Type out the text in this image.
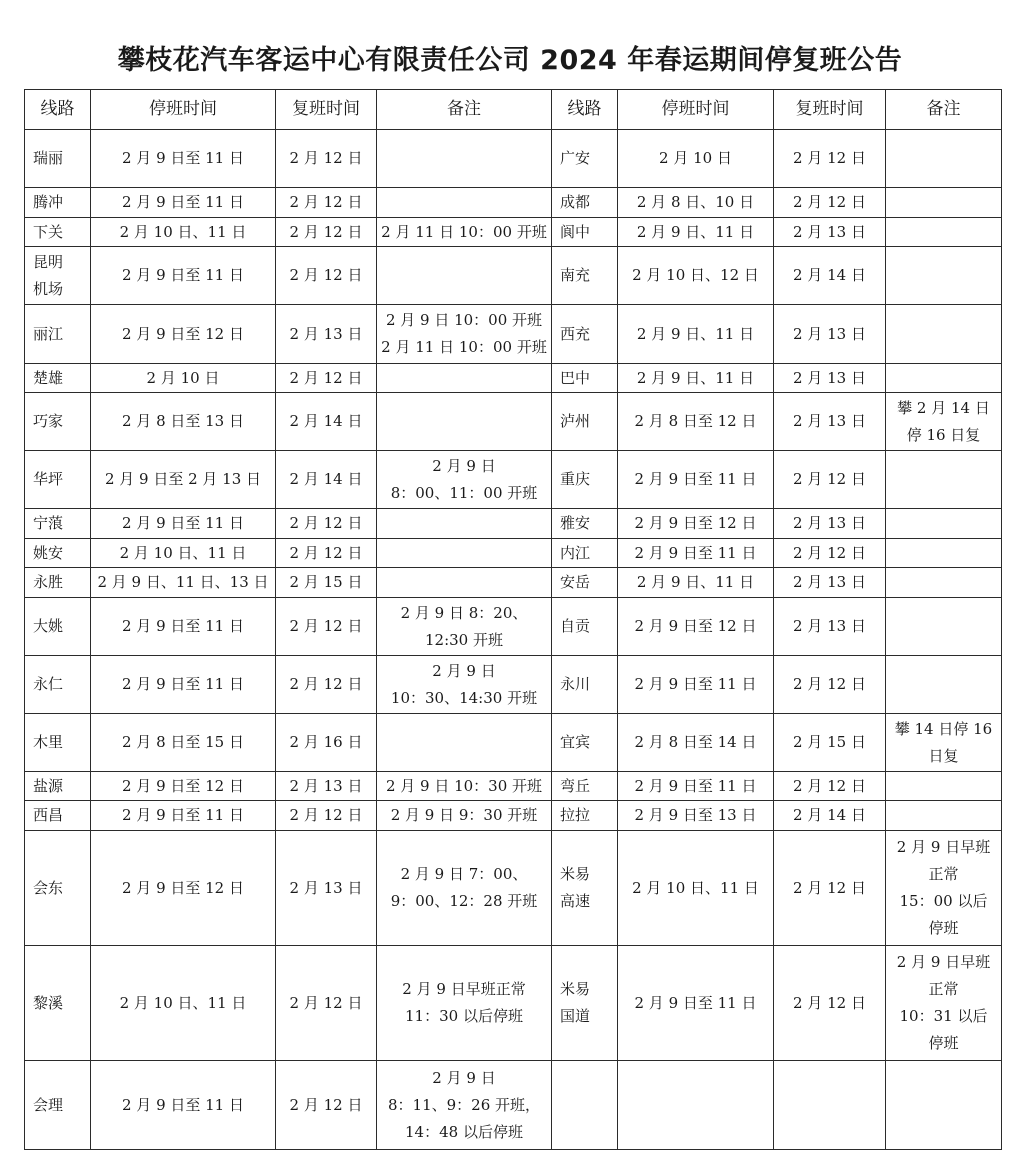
攀枝花汽车客运中心有限责任公司 2024 年春运期间停复班公告
线路	停班时间	复班时间	备注	线路	停班时间	复班时间	备注

瑞丽	2 月 9 日至 11 日	2 月 12 日		广安	2 月 10 日	2 月 12 日	

腾冲	2 月 9 日至 11 日	2 月 12 日		成都	2 月 8 日、10 日	2 月 12 日	

下关	2 月 10 日、11 日	2 月 12 日	2 月 11 日 10：00 开班	阆中	2 月 9 日、11 日	2 月 13 日	

昆明
机场	2 月 9 日至 11 日	2 月 12 日		南充	2 月 10 日、12 日	2 月 14 日	

丽江	2 月 9 日至 12 日	2 月 13 日	2 月 9 日 10：00 开班
2 月 11 日 10：00 开班	西充	2 月 9 日、11 日	2 月 13 日	

楚雄	2 月 10 日	2 月 12 日		巴中	2 月 9 日、11 日	2 月 13 日	

巧家	2 月 8 日至 13 日	2 月 14 日		泸州	2 月 8 日至 12 日	2 月 13 日	攀 2 月 14 日
停 16 日复

华坪	2 月 9 日至 2 月 13 日	2 月 14 日	2 月 9 日
8：00、11：00 开班	重庆	2 月 9 日至 11 日	2 月 12 日	

宁蒗	2 月 9 日至 11 日	2 月 12 日		雅安	2 月 9 日至 12 日	2 月 13 日	

姚安	2 月 10 日、11 日	2 月 12 日		内江	2 月 9 日至 11 日	2 月 12 日	

永胜	2 月 9 日、11 日、13 日	2 月 15 日		安岳	2 月 9 日、11 日	2 月 13 日	

大姚	2 月 9 日至 11 日	2 月 12 日	2 月 9 日 8：20、
12:30 开班	自贡	2 月 9 日至 12 日	2 月 13 日	

永仁	2 月 9 日至 11 日	2 月 12 日	2 月 9 日
10：30、14:30 开班	永川	2 月 9 日至 11 日	2 月 12 日	

木里	2 月 8 日至 15 日	2 月 16 日		宜宾	2 月 8 日至 14 日	2 月 15 日	攀 14 日停 16
日复

盐源	2 月 9 日至 12 日	2 月 13 日	2 月 9 日 10：30 开班	弯丘	2 月 9 日至 11 日	2 月 12 日	

西昌	2 月 9 日至 11 日	2 月 12 日	2 月 9 日 9：30 开班	拉拉	2 月 9 日至 13 日	2 月 14 日	

会东	2 月 9 日至 12 日	2 月 13 日	2 月 9 日 7：00、
9：00、12：28 开班	米易
高速	2 月 10 日、11 日	2 月 12 日	2 月 9 日早班
正常
15：00 以后
停班

黎溪	2 月 10 日、11 日	2 月 12 日	2 月 9 日早班正常
11：30 以后停班	米易
国道	2 月 9 日至 11 日	2 月 12 日	2 月 9 日早班
正常
10：31 以后
停班

会理	2 月 9 日至 11 日	2 月 12 日	2 月 9 日
8：11、9：26 开班，
14：48 以后停班				
